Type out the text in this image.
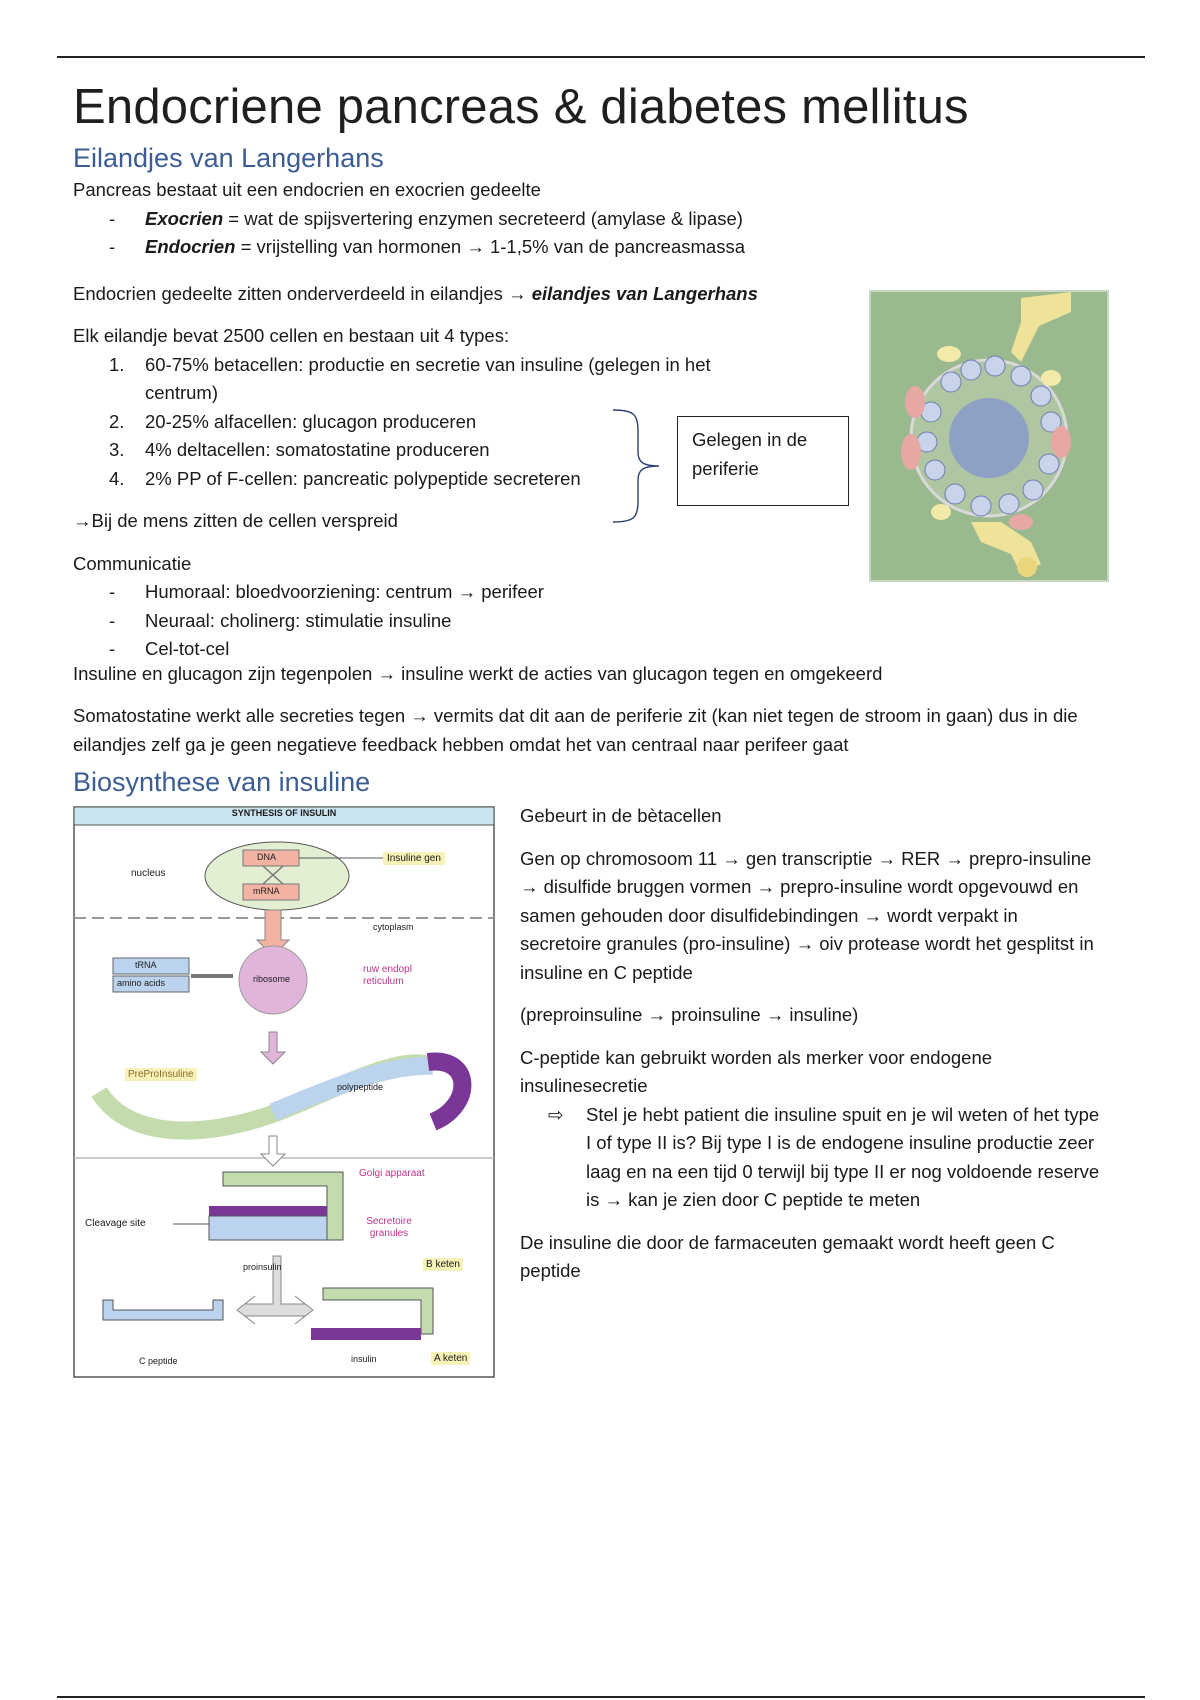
Endocriene pancreas & diabetes mellitus
Eilandjes van Langerhans

Pancreas bestaat uit een endocrien en exocrien gedeelte

- Exocrien = wat de spijsvertering enzymen secreteerd (amylase & lipase)
- Endocrien = vrijstelling van hormonen → 1-1,5% van de pancreasmassa

Endocrien gedeelte zitten onderverdeeld in eilandjes → eilandjes van Langerhans

Elk eilandje bevat 2500 cellen en bestaan uit 4 types:

1. 60-75% betacellen: productie en secretie van insuline (gelegen in het centrum)
2. 20-25% alfacellen: glucagon produceren
3. 4% deltacellen: somatostatine produceren
4. 2% PP of F-cellen: pancreatic polypeptide secreteren

→Bij de mens zitten de cellen verspreid

Communicatie

- Humoraal: bloedvoorziening: centrum → perifeer
- Neuraal: cholinerg: stimulatie insuline
- Cel-tot-cel
Gelegen in de periferie

Insuline en glucagon zijn tegenpolen → insuline werkt de acties van glucagon tegen en omgekeerd

Somatostatine werkt alle secreties tegen → vermits dat dit aan de periferie zit (kan niet tegen de stroom in gaan) dus in die eilandjes zelf ga je geen negatieve feedback hebben omdat het van centraal naar perifeer gaat

Biosynthese van insuline
SYNTHESIS OF INSULIN
nucleus
DNA
mRNA
Insuline gen
cytoplasm
tRNA
amino acids	ribosome
ruw endopl reticulum
PreProInsuline
polypeptide
Golgi apparaat
Secretoire granules
Cleavage site
proinsulin	B keten
C peptide	insulin	A keten

Gebeurt in de bètacellen

Gen op chromosoom 11 → gen transcriptie → RER → prepro-insuline → disulfide bruggen vormen → prepro-insuline wordt opgevouwd en samen gehouden door disulfidebindingen → wordt verpakt in secretoire granules (pro-insuline) → oiv protease wordt het gesplitst in insuline en C peptide

(preproinsuline → proinsuline → insuline)

C-peptide kan gebruikt worden als merker voor endogene insulinesecretie

⇨ Stel je hebt patient die insuline spuit en je wil weten of het type I of type II is? Bij type I is de endogene insuline productie zeer laag en na een tijd 0 terwijl bij type II er nog voldoende reserve is → kan je zien door C peptide te meten

De insuline die door de farmaceuten gemaakt wordt heeft geen C peptide
